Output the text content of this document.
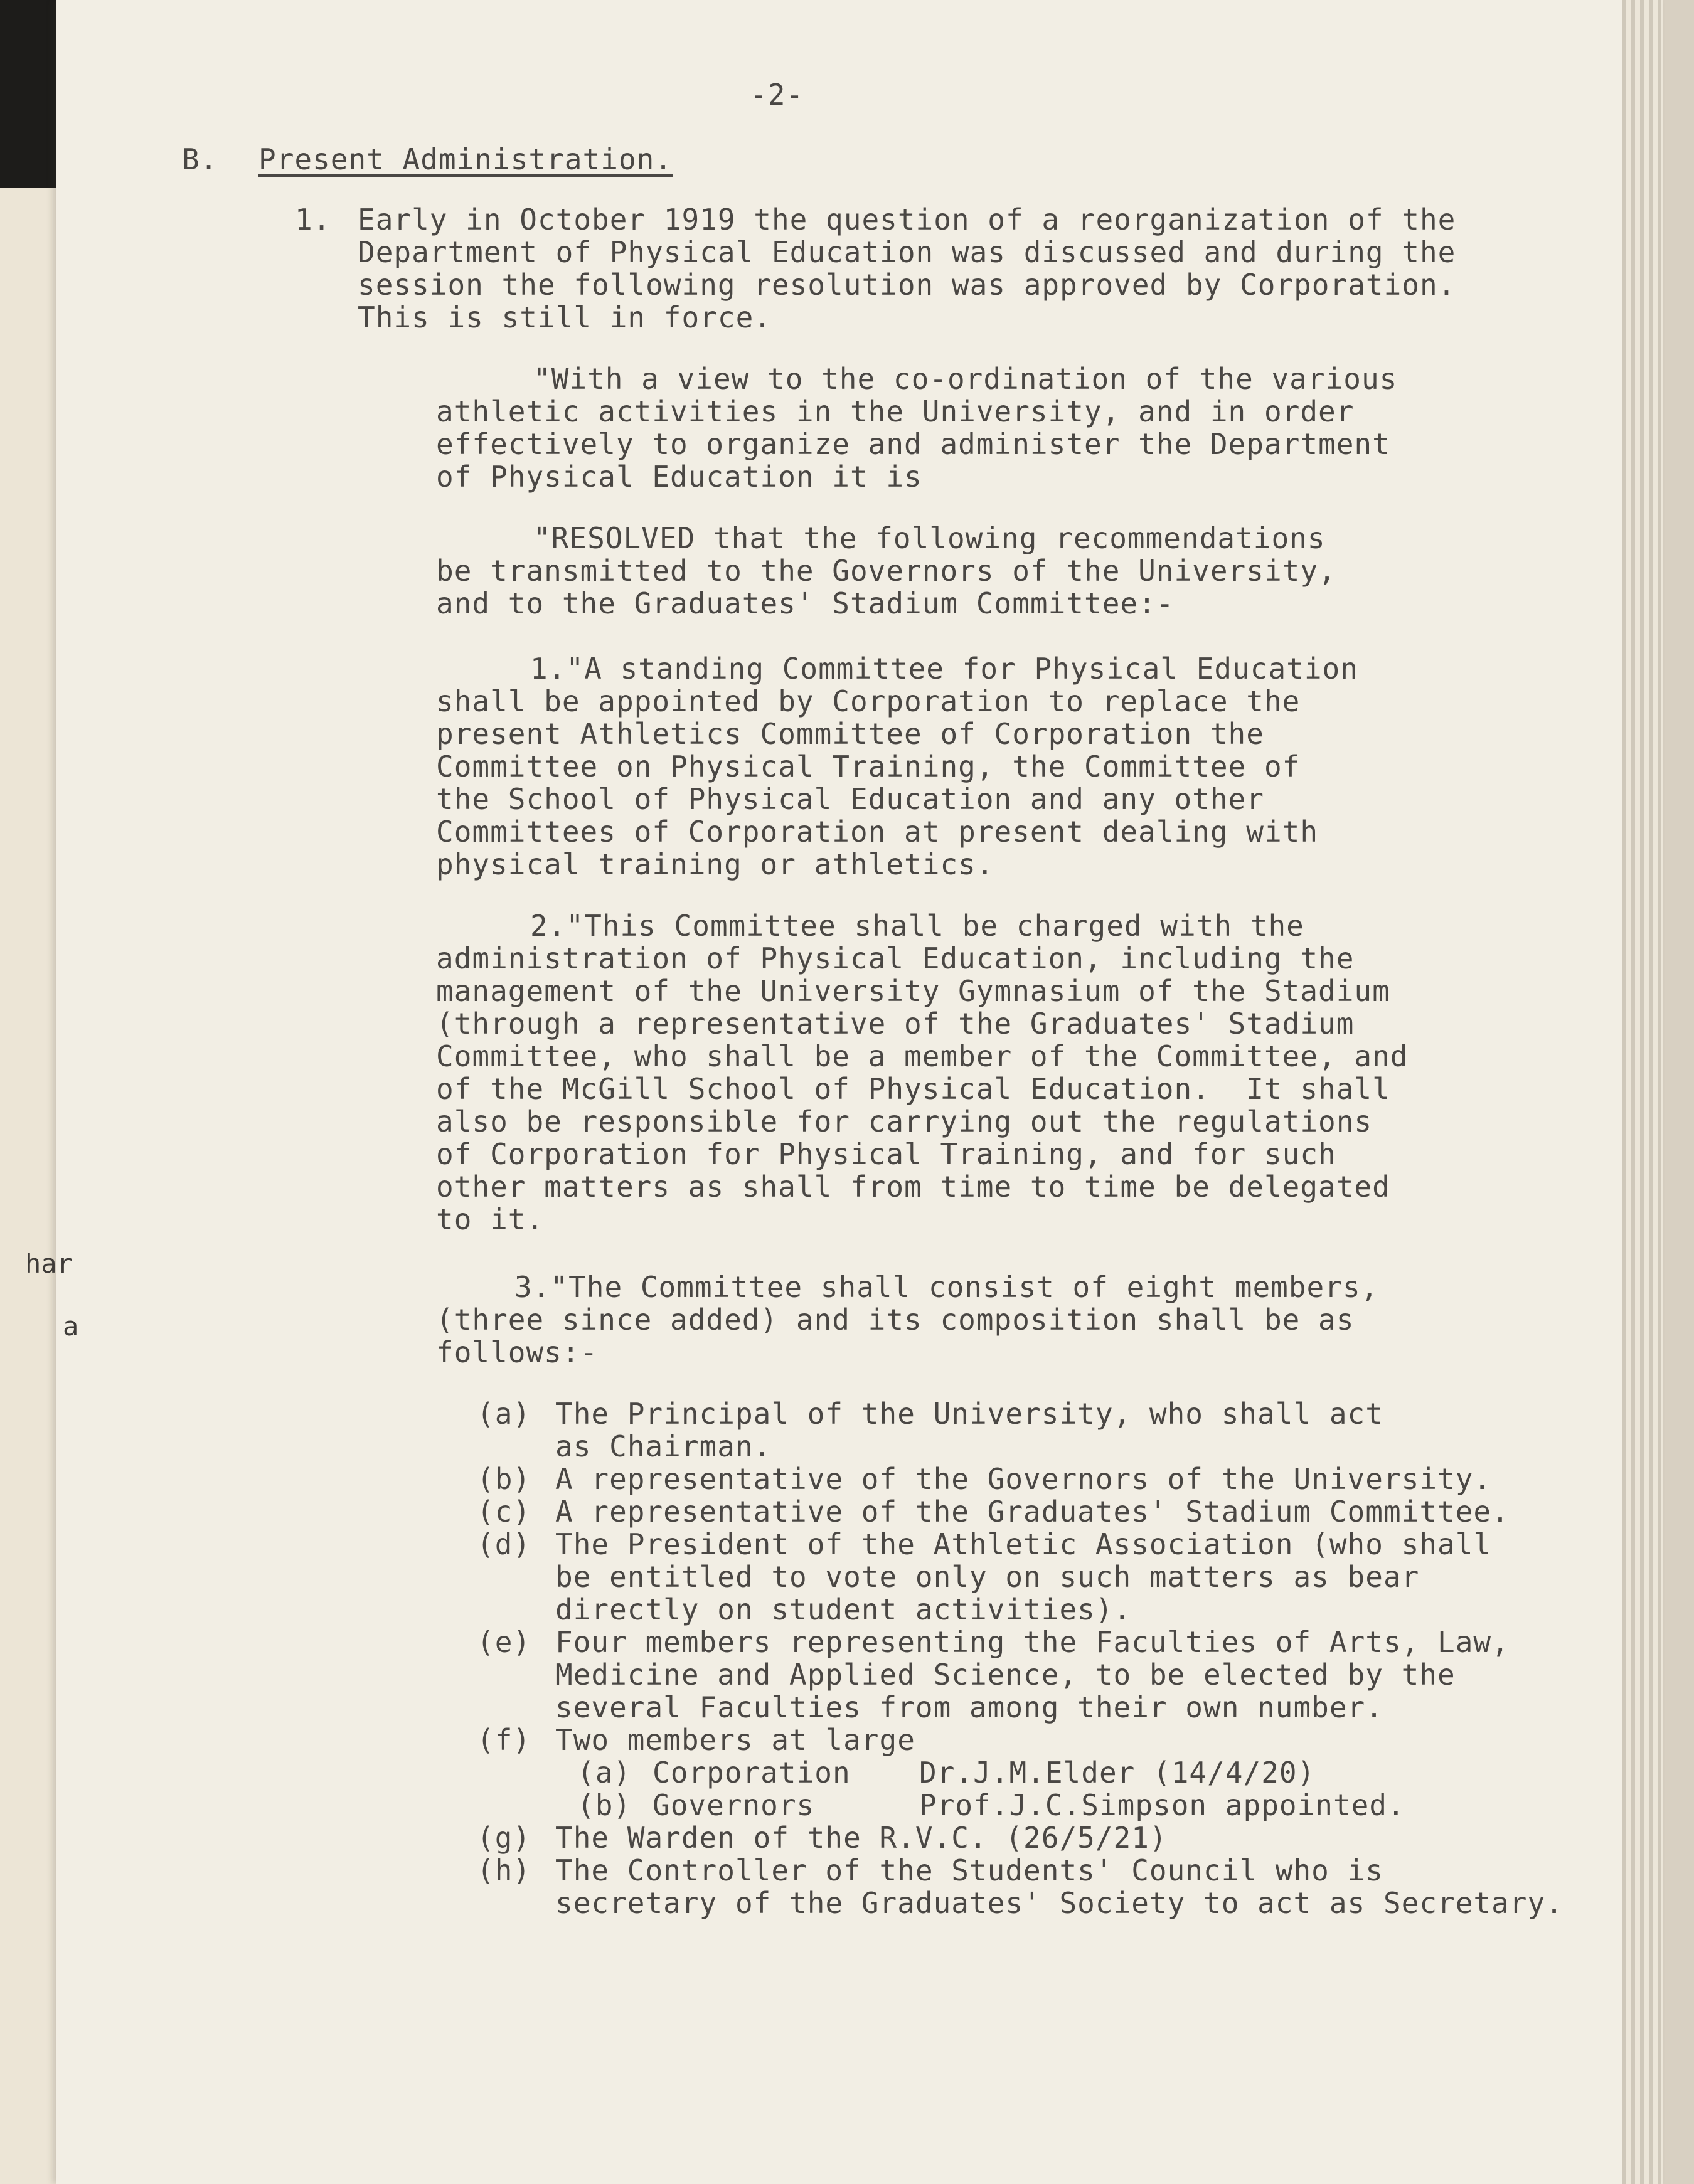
har
a
-2-
B. Present Administration.
1. Early in October 1919 the question of a reorganization of the
Department of Physical Education was discussed and during the
session the following resolution was approved by Corporation.
This is still in force.
"With a view to the co-ordination of the various
athletic activities in the University, and in order
effectively to organize and administer the Department
of Physical Education it is
"RESOLVED that the following recommendations
be transmitted to the Governors of the University,
and to the Graduates' Stadium Committee:-
1."A standing Committee for Physical Education
shall be appointed by Corporation to replace the
present Athletics Committee of Corporation the
Committee on Physical Training, the Committee of
the School of Physical Education and any other
Committees of Corporation at present dealing with
physical training or athletics.
2."This Committee shall be charged with the
administration of Physical Education, including the
management of the University Gymnasium of the Stadium
(through a representative of the Graduates' Stadium
Committee, who shall be a member of the Committee, and
of the McGill School of Physical Education.  It shall
also be responsible for carrying out the regulations
of Corporation for Physical Training, and for such
other matters as shall from time to time be delegated
to it.
3."The Committee shall consist of eight members,
(three since added) and its composition shall be as
follows:-
(a) The Principal of the University, who shall act
as Chairman.
(b) A representative of the Governors of the University.
(c) A representative of the Graduates' Stadium Committee.
(d) The President of the Athletic Association (who shall
be entitled to vote only on such matters as bear
directly on student activities).
(e) Four members representing the Faculties of Arts, Law,
Medicine and Applied Science, to be elected by the
several Faculties from among their own number.
(f) Two members at large
(a) Corporation Dr.J.M.Elder (14/4/20)
(b) Governors	Prof.J.C.Simpson appointed.
(g) The Warden of the R.V.C. (26/5/21)
(h) The Controller of the Students' Council who is
secretary of the Graduates' Society to act as Secretary.
